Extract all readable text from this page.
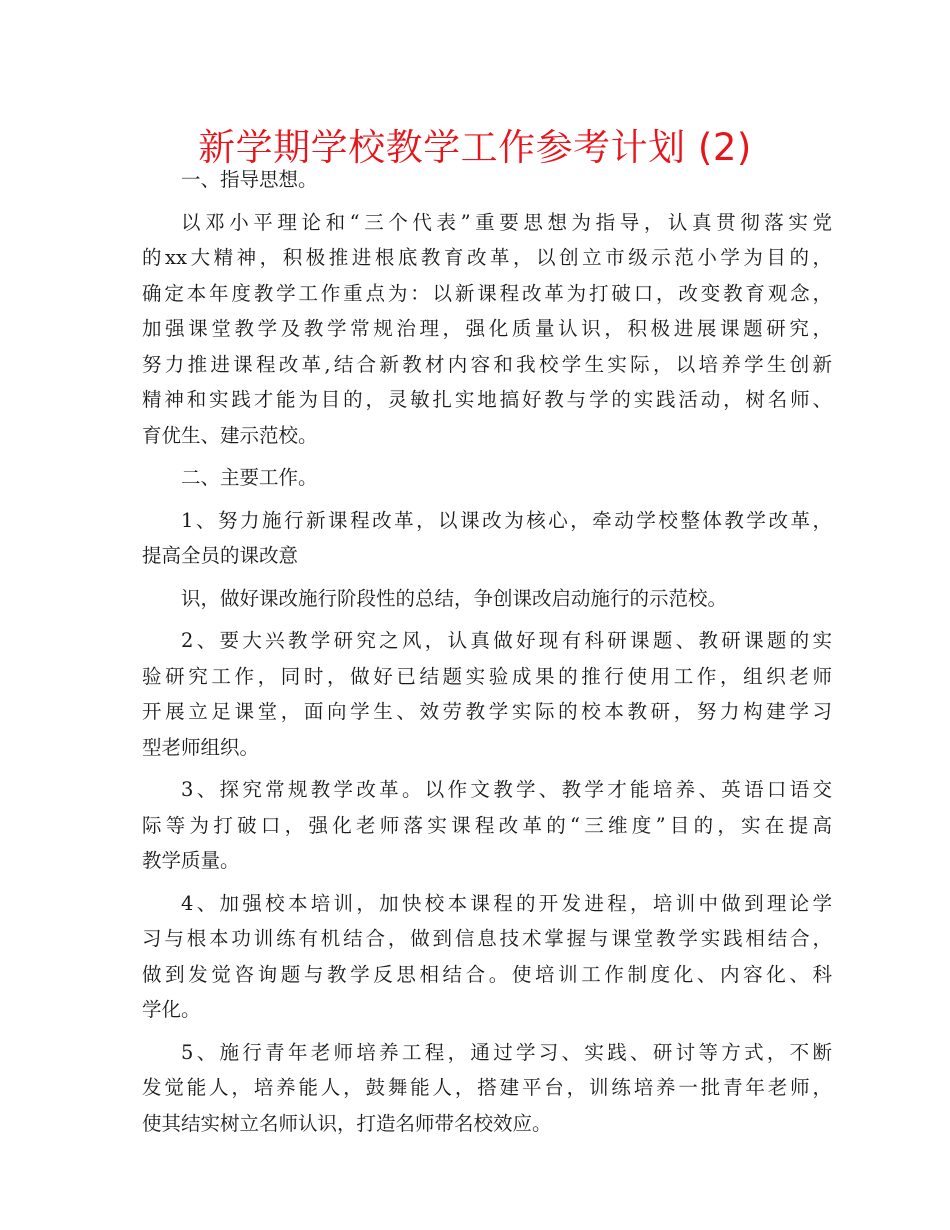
新学期学校教学工作参考计划 (2)

一、指导思想。

以邓小平理论和“三个代表”重要思想为指导，认真贯彻落实党

的xx大精神，积极推进根底教育改革，以创立市级示范小学为目的，

确定本年度教学工作重点为：以新课程改革为打破口，改变教育观念，

加强课堂教学及教学常规治理，强化质量认识，积极进展课题研究，

努力推进课程改革,结合新教材内容和我校学生实际，以培养学生创新

精神和实践才能为目的，灵敏扎实地搞好教与学的实践活动，树名师、

育优生、建示范校。

二、主要工作。

1、努力施行新课程改革，以课改为核心，牵动学校整体教学改革，

提高全员的课改意

识，做好课改施行阶段性的总结，争创课改启动施行的示范校。

2、要大兴教学研究之风，认真做好现有科研课题、教研课题的实

验研究工作，同时，做好已结题实验成果的推行使用工作，组织老师

开展立足课堂，面向学生、效劳教学实际的校本教研，努力构建学习

型老师组织。

3、探究常规教学改革。以作文教学、教学才能培养、英语口语交

际等为打破口，强化老师落实课程改革的“三维度”目的，实在提高

教学质量。

4、加强校本培训，加快校本课程的开发进程，培训中做到理论学

习与根本功训练有机结合，做到信息技术掌握与课堂教学实践相结合，

做到发觉咨询题与教学反思相结合。使培训工作制度化、内容化、科

学化。

5、施行青年老师培养工程，通过学习、实践、研讨等方式，不断

发觉能人，培养能人，鼓舞能人，搭建平台，训练培养一批青年老师，

使其结实树立名师认识，打造名师带名校效应。
